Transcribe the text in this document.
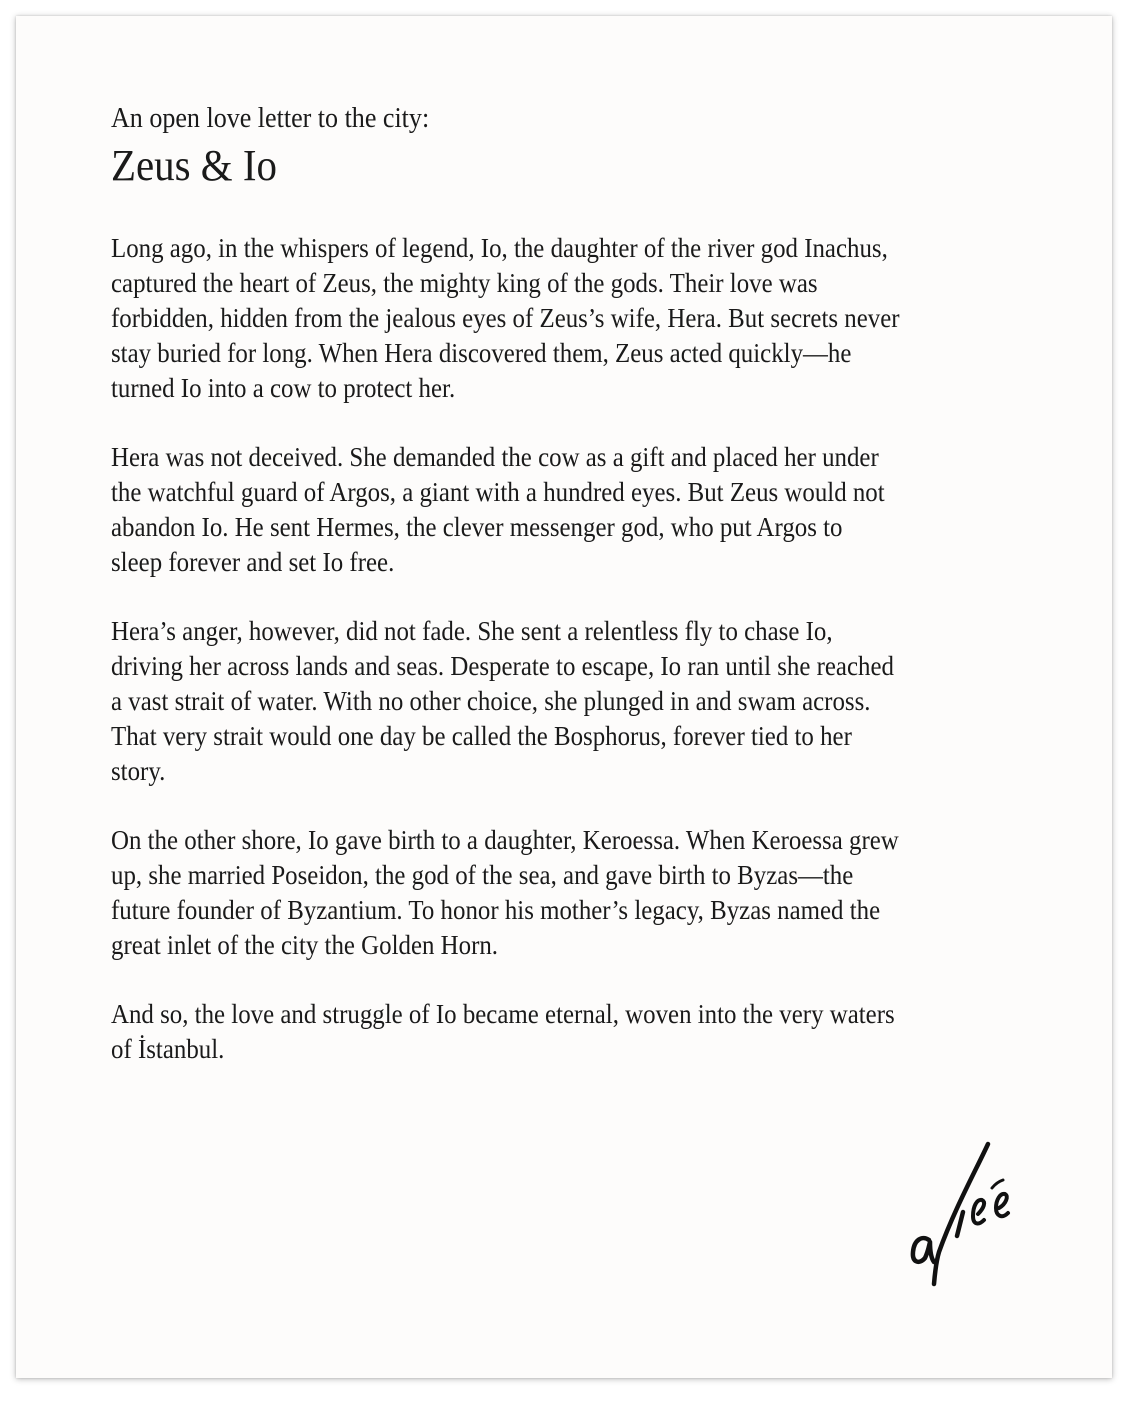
An open love letter to the city:

Zeus & Io

Long ago, in the whispers of legend, Io, the daughter of the river god Inachus,
captured the heart of Zeus, the mighty king of the gods. Their love was
forbidden, hidden from the jealous eyes of Zeus’s wife, Hera. But secrets never
stay buried for long. When Hera discovered them, Zeus acted quickly—he
turned Io into a cow to protect her.

Hera was not deceived. She demanded the cow as a gift and placed her under
the watchful guard of Argos, a giant with a hundred eyes. But Zeus would not
abandon Io. He sent Hermes, the clever messenger god, who put Argos to
sleep forever and set Io free.

Hera’s anger, however, did not fade. She sent a relentless fly to chase Io,
driving her across lands and seas. Desperate to escape, Io ran until she reached
a vast strait of water. With no other choice, she plunged in and swam across.
That very strait would one day be called the Bosphorus, forever tied to her
story.

On the other shore, Io gave birth to a daughter, Keroessa. When Keroessa grew
up, she married Poseidon, the god of the sea, and gave birth to Byzas—the
future founder of Byzantium. To honor his mother’s legacy, Byzas named the
great inlet of the city the Golden Horn.

And so, the love and struggle of Io became eternal, woven into the very waters
of İstanbul.
